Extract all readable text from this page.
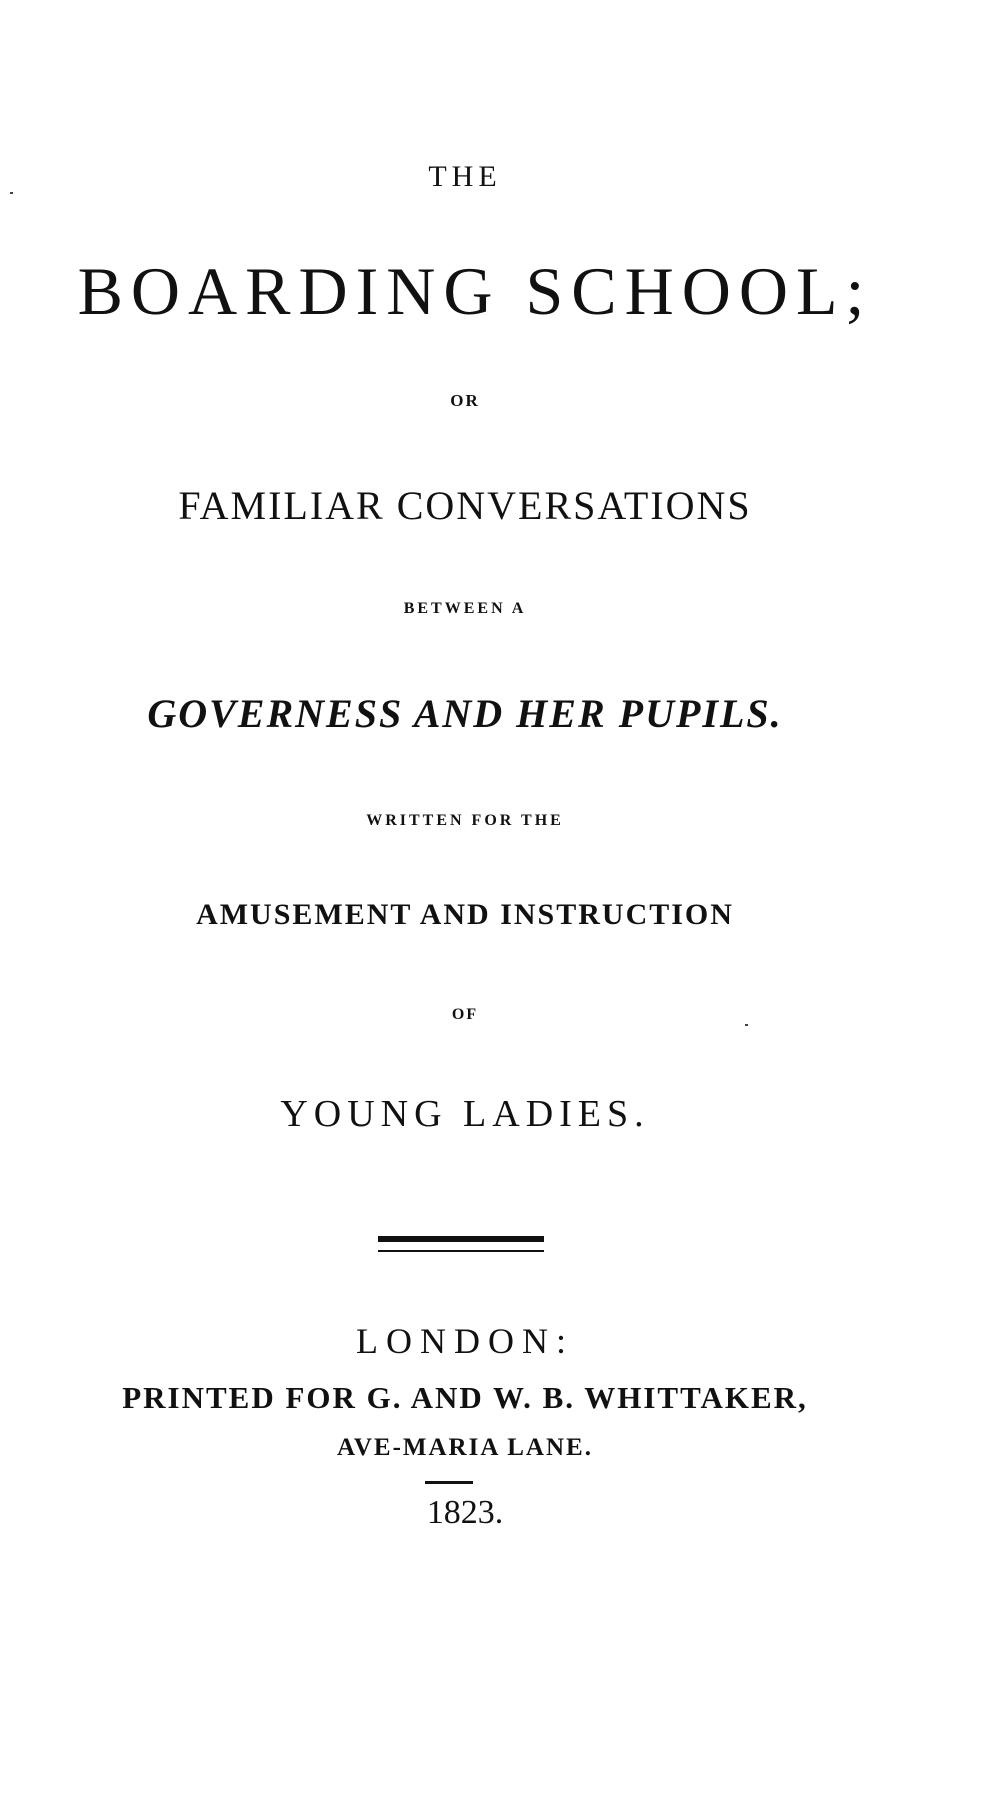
THE
BOARDING SCHOOL;
OR
FAMILIAR CONVERSATIONS
BETWEEN A
GOVERNESS AND HER PUPILS.
WRITTEN FOR THE
AMUSEMENT AND INSTRUCTION
OF
YOUNG LADIES.
LONDON:
PRINTED FOR G. AND W. B. WHITTAKER,
AVE-MARIA LANE.
1823.
